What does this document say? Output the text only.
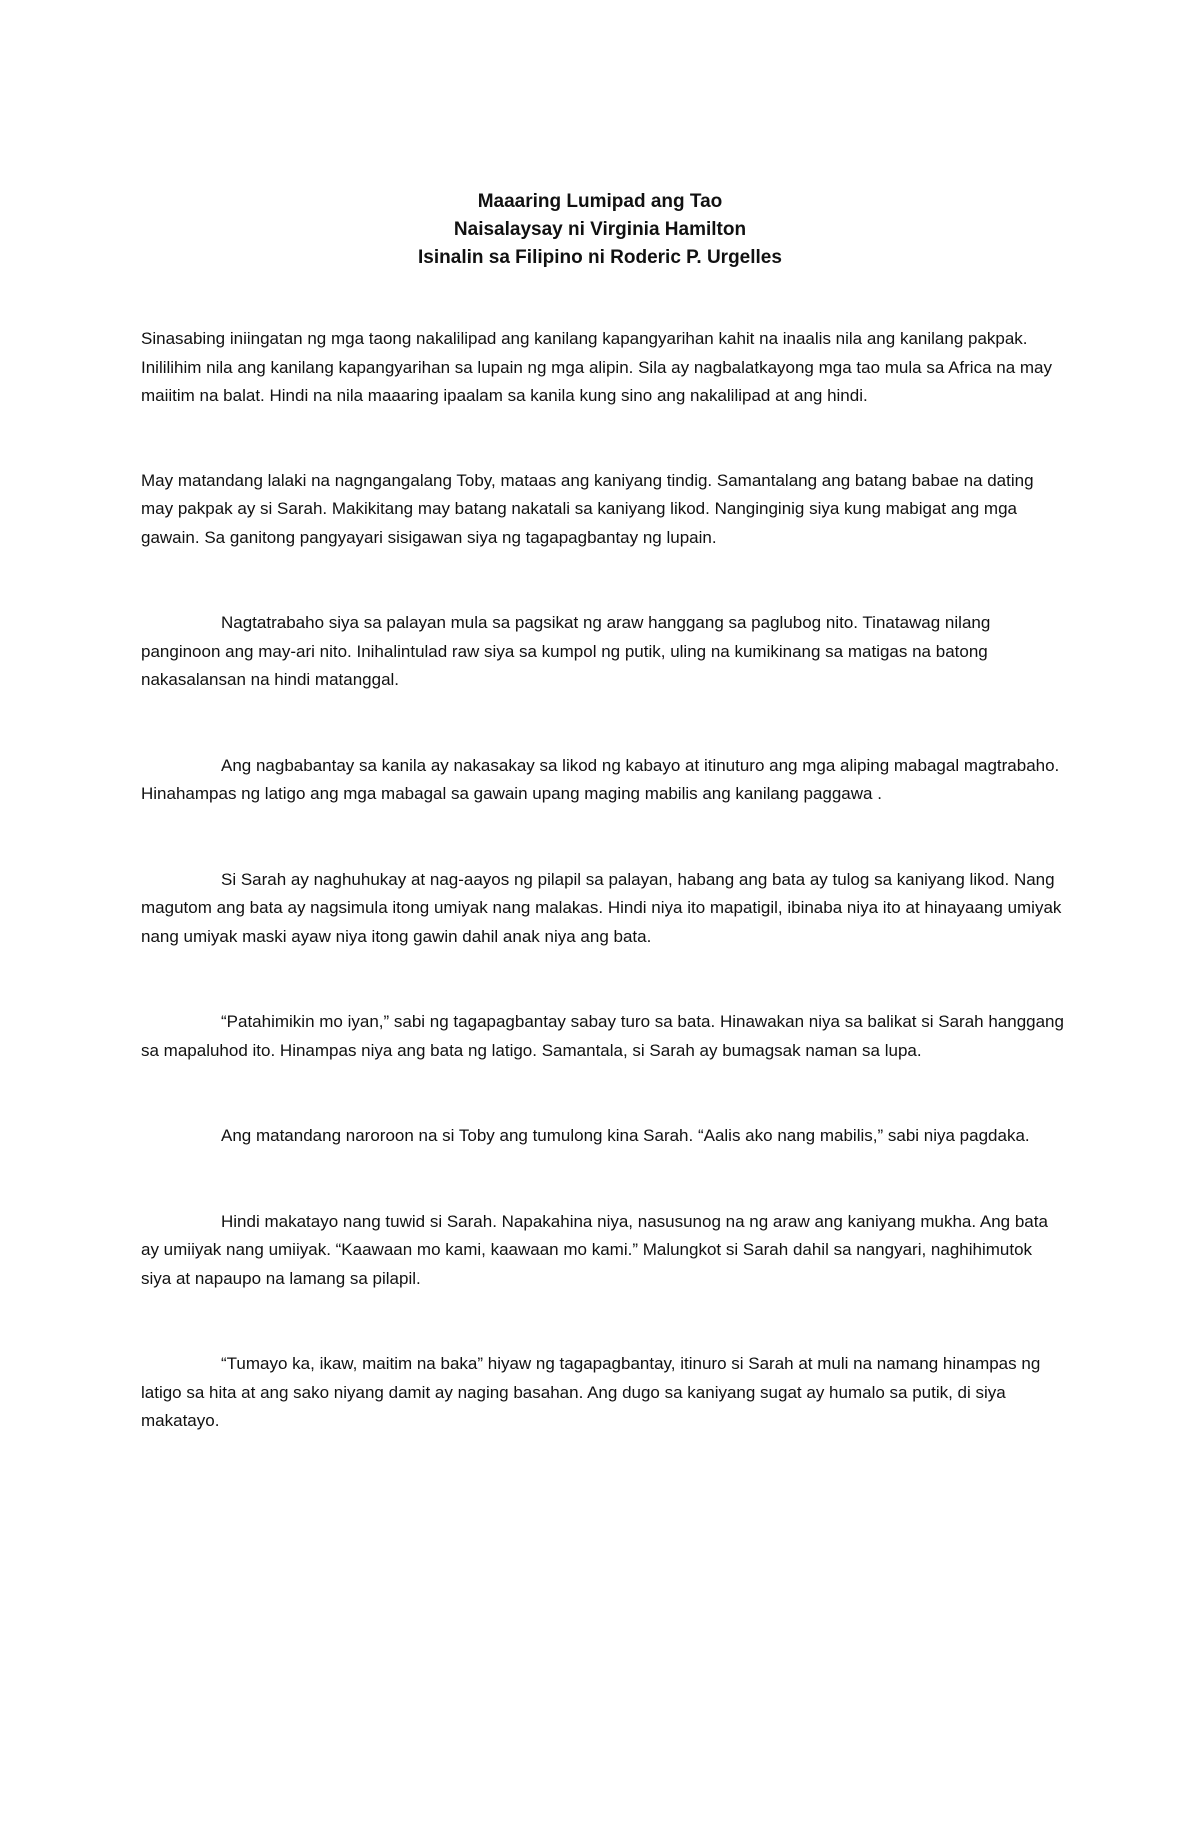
Maaaring Lumipad ang Tao
Naisalaysay ni Virginia Hamilton
Isinalin sa Filipino ni Roderic P. Urgelles

Sinasabing iniingatan ng mga taong nakalilipad ang kanilang kapangyarihan kahit na inaalis nila ang kanilang pakpak. Inililihim nila ang kanilang kapangyarihan sa lupain ng mga alipin. Sila ay nagbalatkayong mga tao mula sa Africa na may maiitim na balat. Hindi na nila maaaring ipaalam sa kanila kung sino ang nakalilipad at ang hindi.

May matandang lalaki na nagngangalang Toby, mataas ang kaniyang tindig. Samantalang ang batang babae na dating may pakpak ay si Sarah. Makikitang may batang nakatali sa kaniyang likod. Nanginginig siya kung mabigat ang mga gawain. Sa ganitong pangyayari sisigawan siya ng tagapagbantay ng lupain.

Nagtatrabaho siya sa palayan mula sa pagsikat ng araw hanggang sa paglubog nito. Tinatawag nilang panginoon ang may-ari nito. Inihalintulad raw siya sa kumpol ng putik, uling na kumikinang sa matigas na batong nakasalansan na hindi matanggal.

Ang nagbabantay sa kanila ay nakasakay sa likod ng kabayo at itinuturo ang mga aliping mabagal magtrabaho. Hinahampas ng latigo ang mga mabagal sa gawain upang maging mabilis ang kanilang paggawa .

Si Sarah ay naghuhukay at nag-aayos ng pilapil sa palayan, habang ang bata ay tulog sa kaniyang likod. Nang magutom ang bata ay nagsimula itong umiyak nang malakas. Hindi niya ito mapatigil, ibinaba niya ito at hinayaang umiyak nang umiyak maski ayaw niya itong gawin dahil anak niya ang bata.

“Patahimikin mo iyan,” sabi ng tagapagbantay sabay turo sa bata. Hinawakan niya sa balikat si Sarah hanggang sa mapaluhod ito. Hinampas niya ang bata ng latigo. Samantala, si Sarah ay bumagsak naman sa lupa.

Ang matandang naroroon na si Toby ang tumulong kina Sarah. “Aalis ako nang mabilis,” sabi niya pagdaka.

Hindi makatayo nang tuwid si Sarah. Napakahina niya, nasusunog na ng araw ang kaniyang mukha. Ang bata ay umiiyak nang umiiyak. “Kaawaan mo kami, kaawaan mo kami.” Malungkot si Sarah dahil sa nangyari, naghihimutok siya at napaupo na lamang sa pilapil.

“Tumayo ka, ikaw, maitim na baka” hiyaw ng tagapagbantay, itinuro si Sarah at muli na namang hinampas ng latigo sa hita at ang sako niyang damit ay naging basahan. Ang dugo sa kaniyang sugat ay humalo sa putik, di siya makatayo.
